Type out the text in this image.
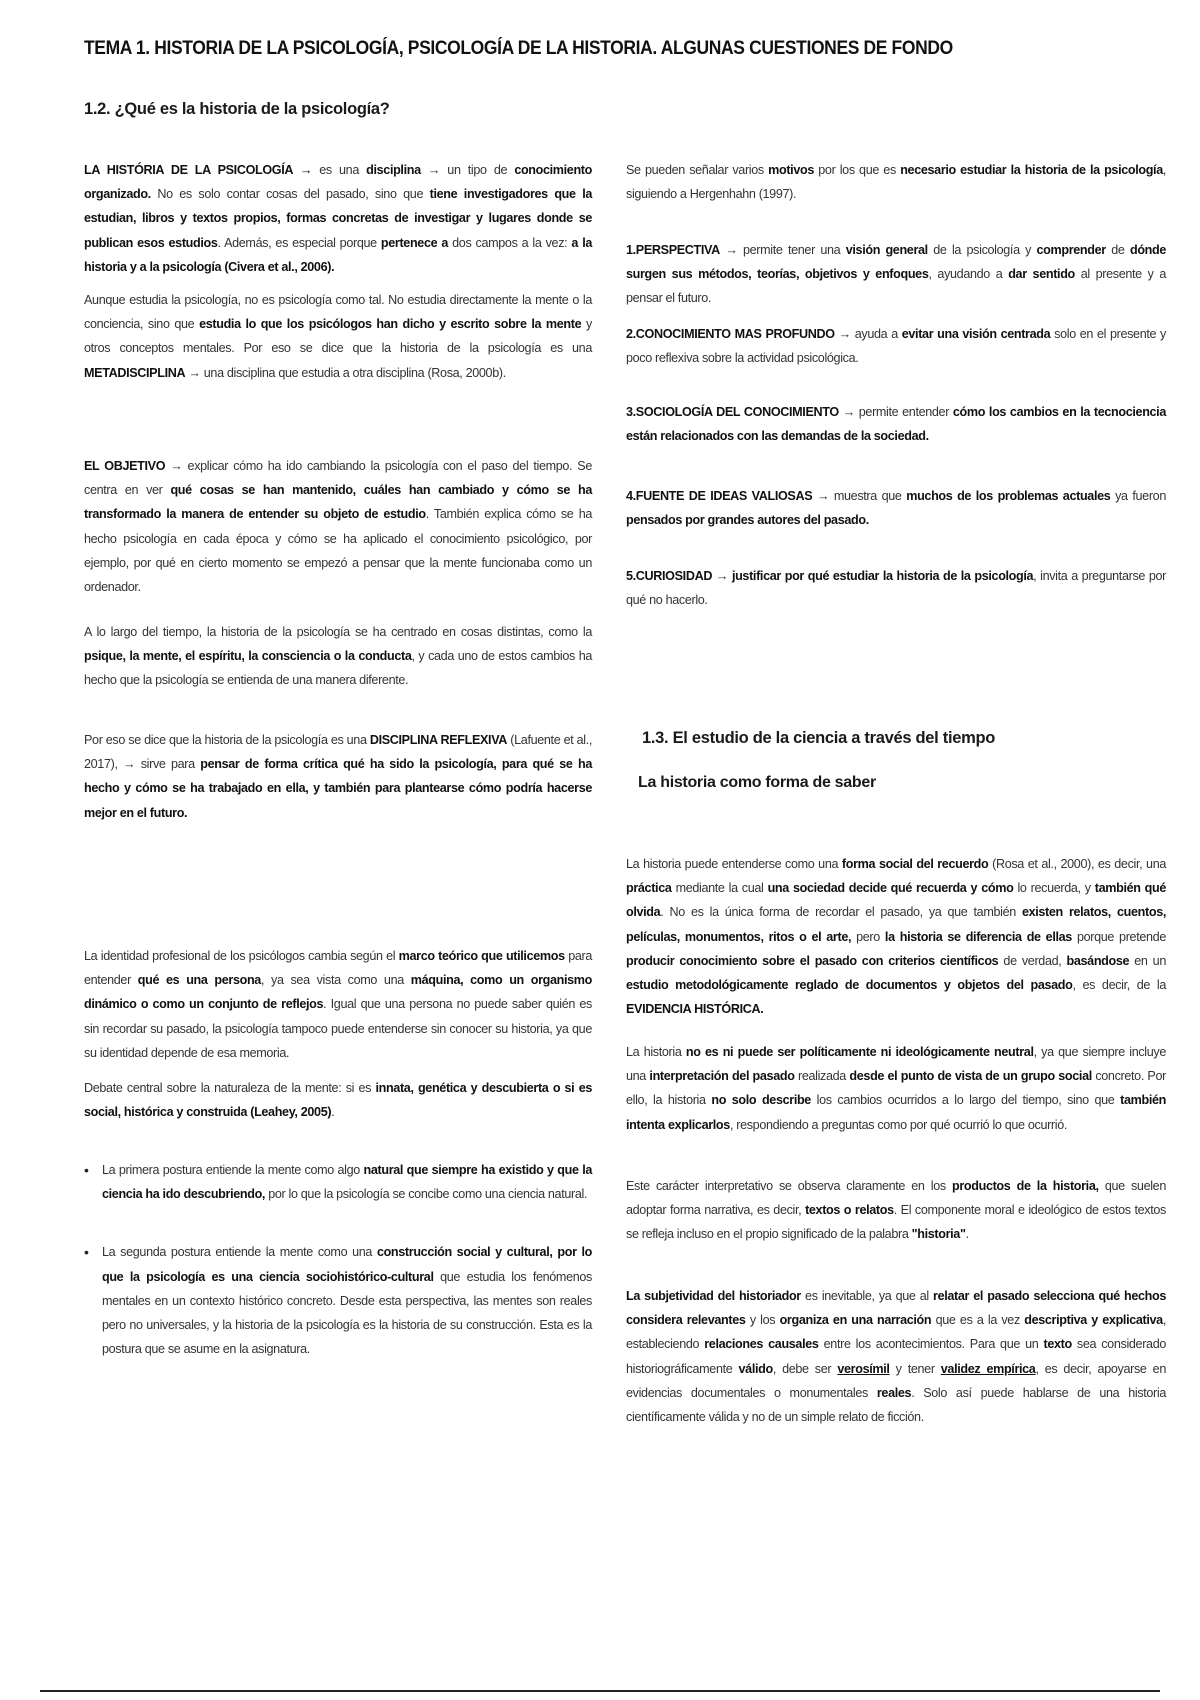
TEMA 1. HISTORIA DE LA PSICOLOGÍA, PSICOLOGÍA DE LA HISTORIA. ALGUNAS CUESTIONES DE FONDO
1.2. ¿Qué es la historia de la psicología?

LA HISTÓRIA DE LA PSICOLOGÍA → es una disciplina → un tipo de conocimiento organizado. No es solo contar cosas del pasado, sino que tiene investigadores que la estudian, libros y textos propios, formas concretas de investigar y lugares donde se publican esos estudios. Además, es especial porque pertenece a dos campos a la vez: a la historia y a la psicología (Civera et al., 2006).

Aunque estudia la psicología, no es psicología como tal. No estudia directamente la mente o la conciencia, sino que estudia lo que los psicólogos han dicho y escrito sobre la mente y otros conceptos mentales. Por eso se dice que la historia de la psicología es una METADISCIPLINA → una disciplina que estudia a otra disciplina (Rosa, 2000b).

EL OBJETIVO → explicar cómo ha ido cambiando la psicología con el paso del tiempo. Se centra en ver qué cosas se han mantenido, cuáles han cambiado y cómo se ha transformado la manera de entender su objeto de estudio. También explica cómo se ha hecho psicología en cada época y cómo se ha aplicado el conocimiento psicológico, por ejemplo, por qué en cierto momento se empezó a pensar que la mente funcionaba como un ordenador.

A lo largo del tiempo, la historia de la psicología se ha centrado en cosas distintas, como la psique, la mente, el espíritu, la consciencia o la conducta, y cada uno de estos cambios ha hecho que la psicología se entienda de una manera diferente.

Por eso se dice que la historia de la psicología es una DISCIPLINA REFLEXIVA (Lafuente et al., 2017), → sirve para pensar de forma crítica qué ha sido la psicología, para qué se ha hecho y cómo se ha trabajado en ella, y también para plantearse cómo podría hacerse mejor en el futuro.

La identidad profesional de los psicólogos cambia según el marco teórico que utilicemos para entender qué es una persona, ya sea vista como una máquina, como un organismo dinámico o como un conjunto de reflejos. Igual que una persona no puede saber quién es sin recordar su pasado, la psicología tampoco puede entenderse sin conocer su historia, ya que su identidad depende de esa memoria.

Debate central sobre la naturaleza de la mente: si es innata, genética y descubierta o si es social, histórica y construida (Leahey, 2005).

• La primera postura entiende la mente como algo natural que siempre ha existido y que la ciencia ha ido descubriendo, por lo que la psicología se concibe como una ciencia natural.
• La segunda postura entiende la mente como una construcción social y cultural, por lo que la psicología es una ciencia sociohistórico-cultural que estudia los fenómenos mentales en un contexto histórico concreto. Desde esta perspectiva, las mentes son reales pero no universales, y la historia de la psicología es la historia de su construcción. Esta es la postura que se asume en la asignatura.

Se pueden señalar varios motivos por los que es necesario estudiar la historia de la psicología, siguiendo a Hergenhahn (1997).

1.PERSPECTIVA → permite tener una visión general de la psicología y comprender de dónde surgen sus métodos, teorías, objetivos y enfoques, ayudando a dar sentido al presente y a pensar el futuro.

2.CONOCIMIENTO MAS PROFUNDO → ayuda a evitar una visión centrada solo en el presente y poco reflexiva sobre la actividad psicológica.

3.SOCIOLOGÍA DEL CONOCIMIENTO → permite entender cómo los cambios en la tecnociencia están relacionados con las demandas de la sociedad.

4.FUENTE DE IDEAS VALIOSAS → muestra que muchos de los problemas actuales ya fueron pensados por grandes autores del pasado.

5.CURIOSIDAD → justificar por qué estudiar la historia de la psicología, invita a preguntarse por qué no hacerlo.

1.3. El estudio de la ciencia a través del tiempo
La historia como forma de saber

La historia puede entenderse como una forma social del recuerdo (Rosa et al., 2000), es decir, una práctica mediante la cual una sociedad decide qué recuerda y cómo lo recuerda, y también qué olvida. No es la única forma de recordar el pasado, ya que también existen relatos, cuentos, películas, monumentos, ritos o el arte, pero la historia se diferencia de ellas porque pretende producir conocimiento sobre el pasado con criterios científicos de verdad, basándose en un estudio metodológicamente reglado de documentos y objetos del pasado, es decir, de la EVIDENCIA HISTÓRICA.

La historia no es ni puede ser políticamente ni ideológicamente neutral, ya que siempre incluye una interpretación del pasado realizada desde el punto de vista de un grupo social concreto. Por ello, la historia no solo describe los cambios ocurridos a lo largo del tiempo, sino que también intenta explicarlos, respondiendo a preguntas como por qué ocurrió lo que ocurrió.

Este carácter interpretativo se observa claramente en los productos de la historia, que suelen adoptar forma narrativa, es decir, textos o relatos. El componente moral e ideológico de estos textos se refleja incluso en el propio significado de la palabra "historia".

La subjetividad del historiador es inevitable, ya que al relatar el pasado selecciona qué hechos considera relevantes y los organiza en una narración que es a la vez descriptiva y explicativa, estableciendo relaciones causales entre los acontecimientos. Para que un texto sea considerado historiográficamente válido, debe ser verosímil y tener validez empírica, es decir, apoyarse en evidencias documentales o monumentales reales. Solo así puede hablarse de una historia científicamente válida y no de un simple relato de ficción.
